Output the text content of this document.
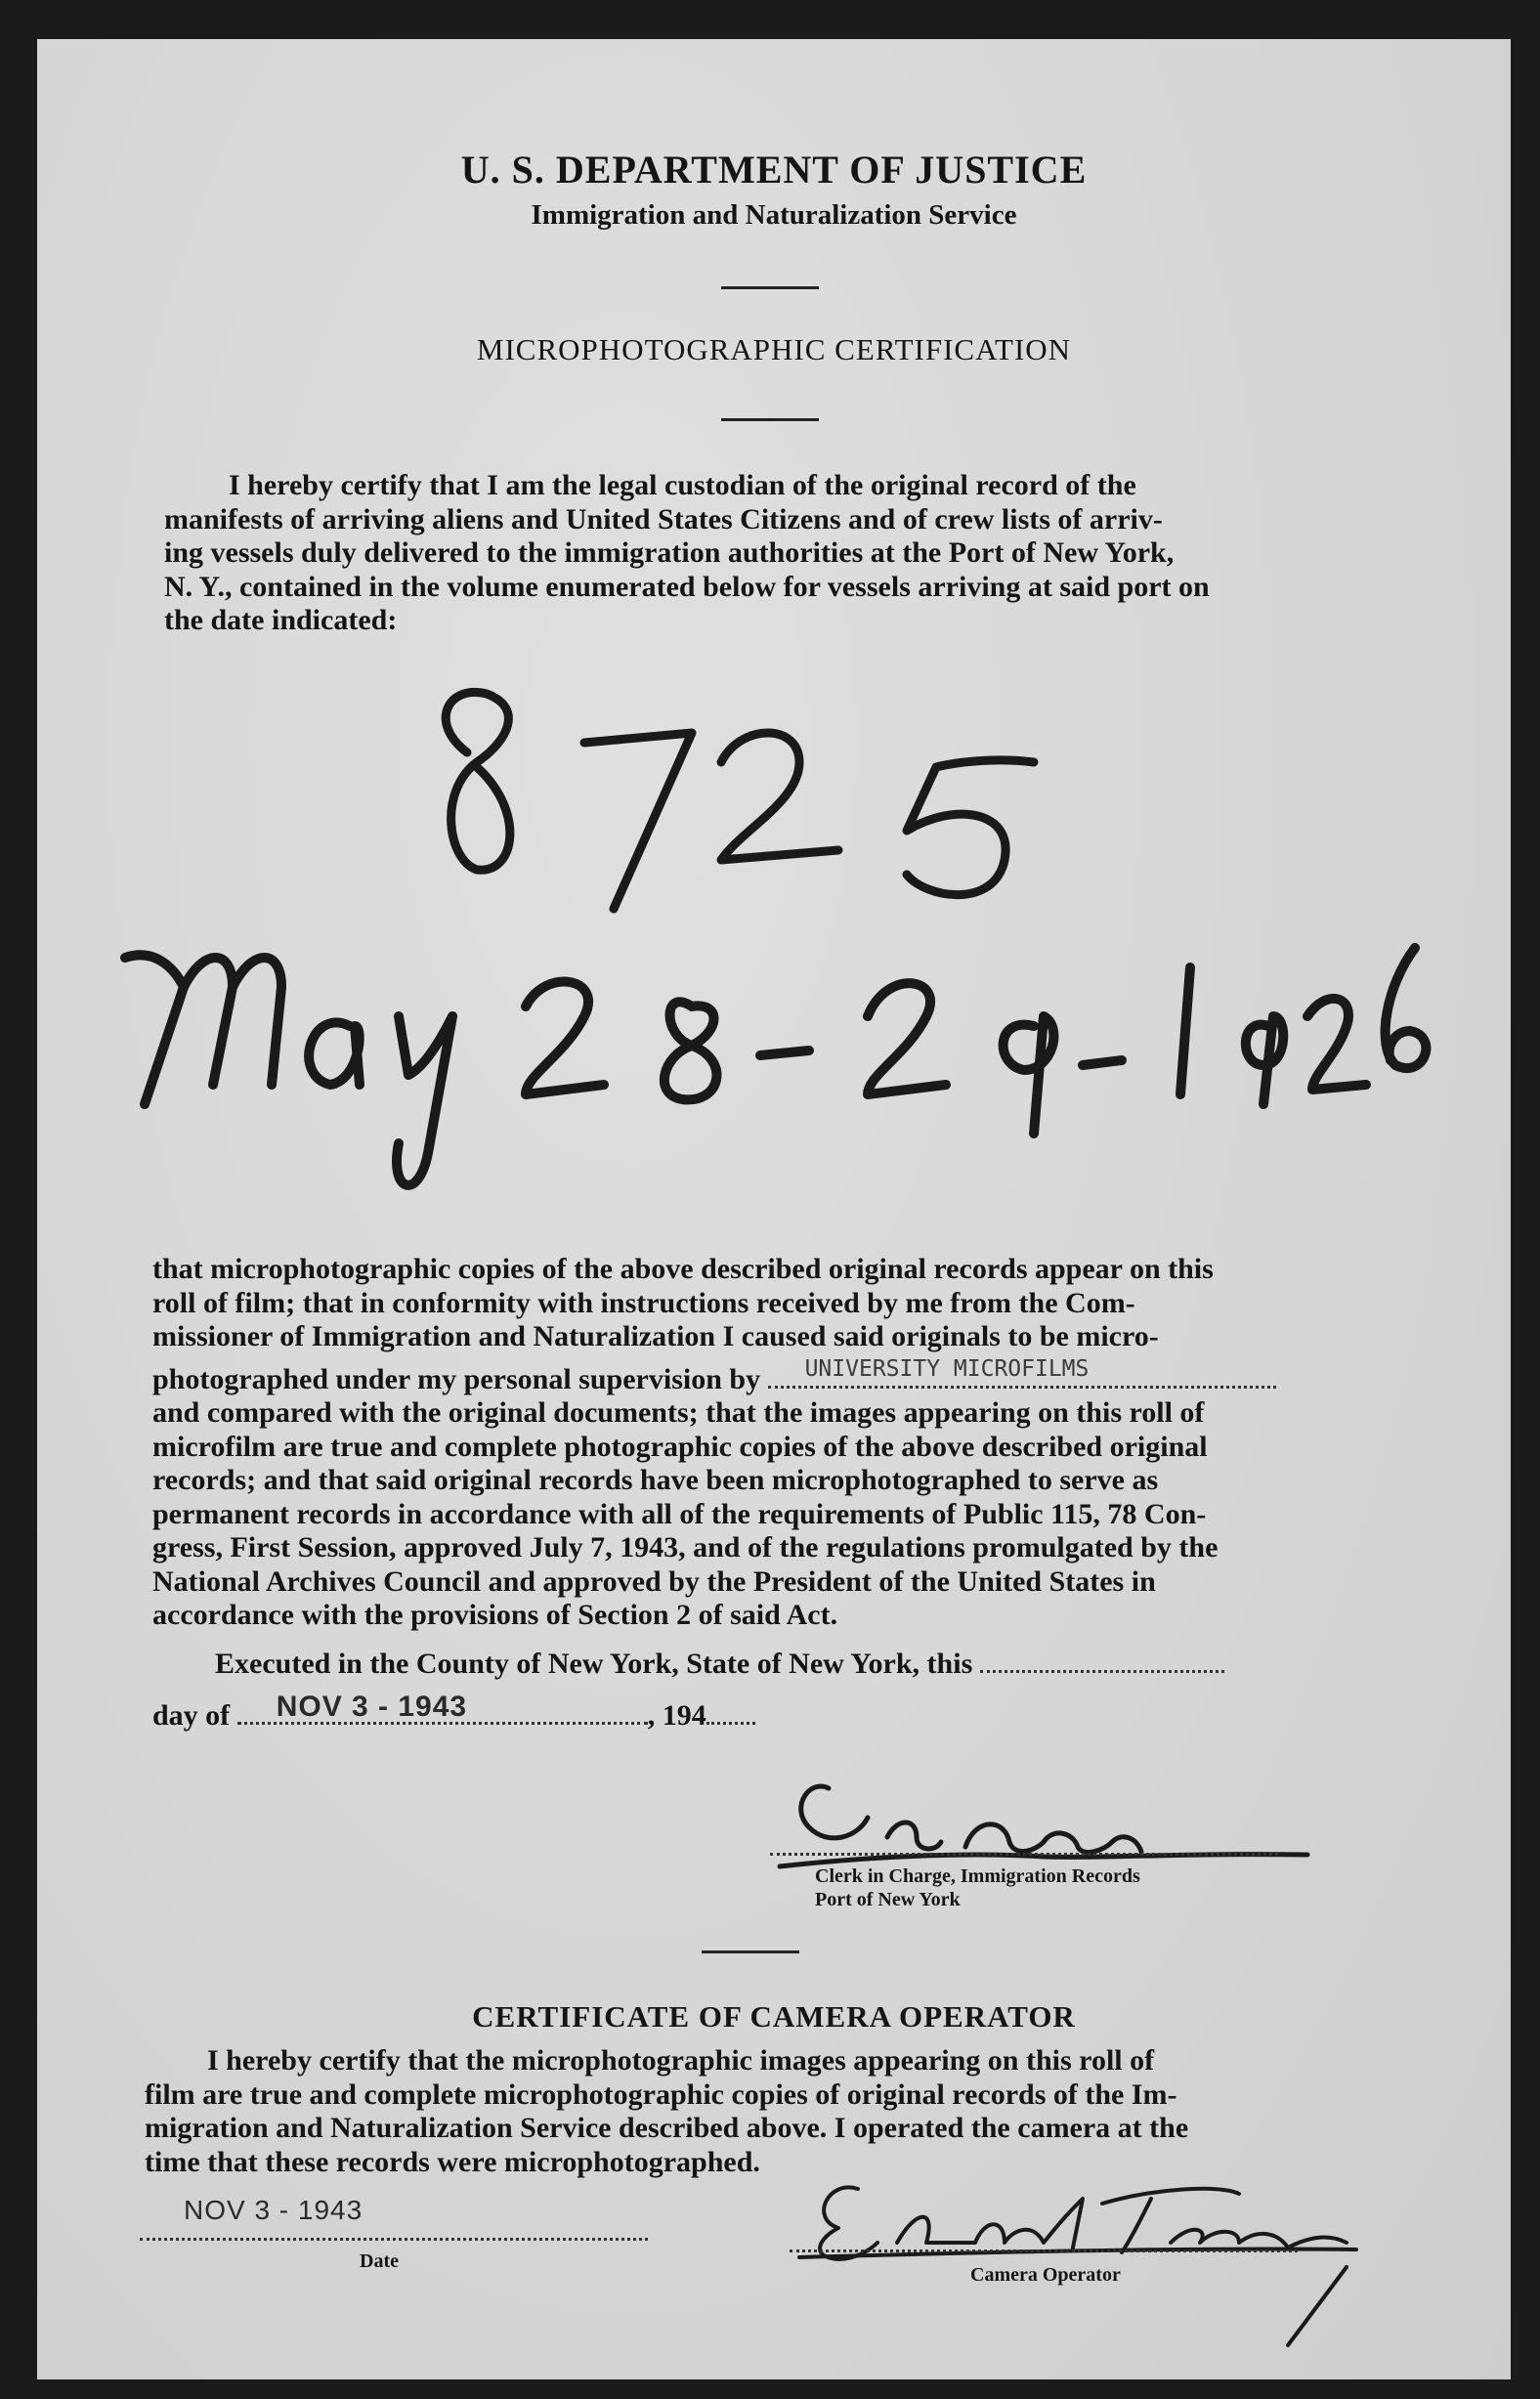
U. S. DEPARTMENT OF JUSTICE

Immigration and Naturalization Service

MICROPHOTOGRAPHIC CERTIFICATION

I hereby certify that I am the legal custodian of the original record of the
manifests of arriving aliens and United States Citizens and of crew lists of arriv-
ing vessels duly delivered to the immigration authorities at the Port of New York,
N. Y., contained in the volume enumerated below for vessels arriving at said port on
the date indicated:
that microphotographic copies of the above described original records appear on this
roll of film; that in conformity with instructions received by me from the Com-
missioner of Immigration and Naturalization I caused said originals to be micro-
photographed under my personal supervision by UNIVERSITY MICROFILMS
and compared with the original documents; that the images appearing on this roll of
microfilm are true and complete photographic copies of the above described original
records; and that said original records have been microphotographed to serve as
permanent records in accordance with all of the requirements of Public 115, 78 Con-
gress, First Session, approved July 7, 1943, and of the regulations promulgated by the
National Archives Council and approved by the President of the United States in
accordance with the provisions of Section 2 of said Act.
Executed in the County of New York, State of New York, this
day of NOV 3 - 1943	, 194
Clerk in Charge, Immigration Records
Port of New York

CERTIFICATE OF CAMERA OPERATOR

I hereby certify that the microphotographic images appearing on this roll of
film are true and complete microphotographic copies of original records of the Im-
migration and Naturalization Service described above. I operated the camera at the
time that these records were microphotographed.
NOV 3 - 1943
Date
Camera Operator
